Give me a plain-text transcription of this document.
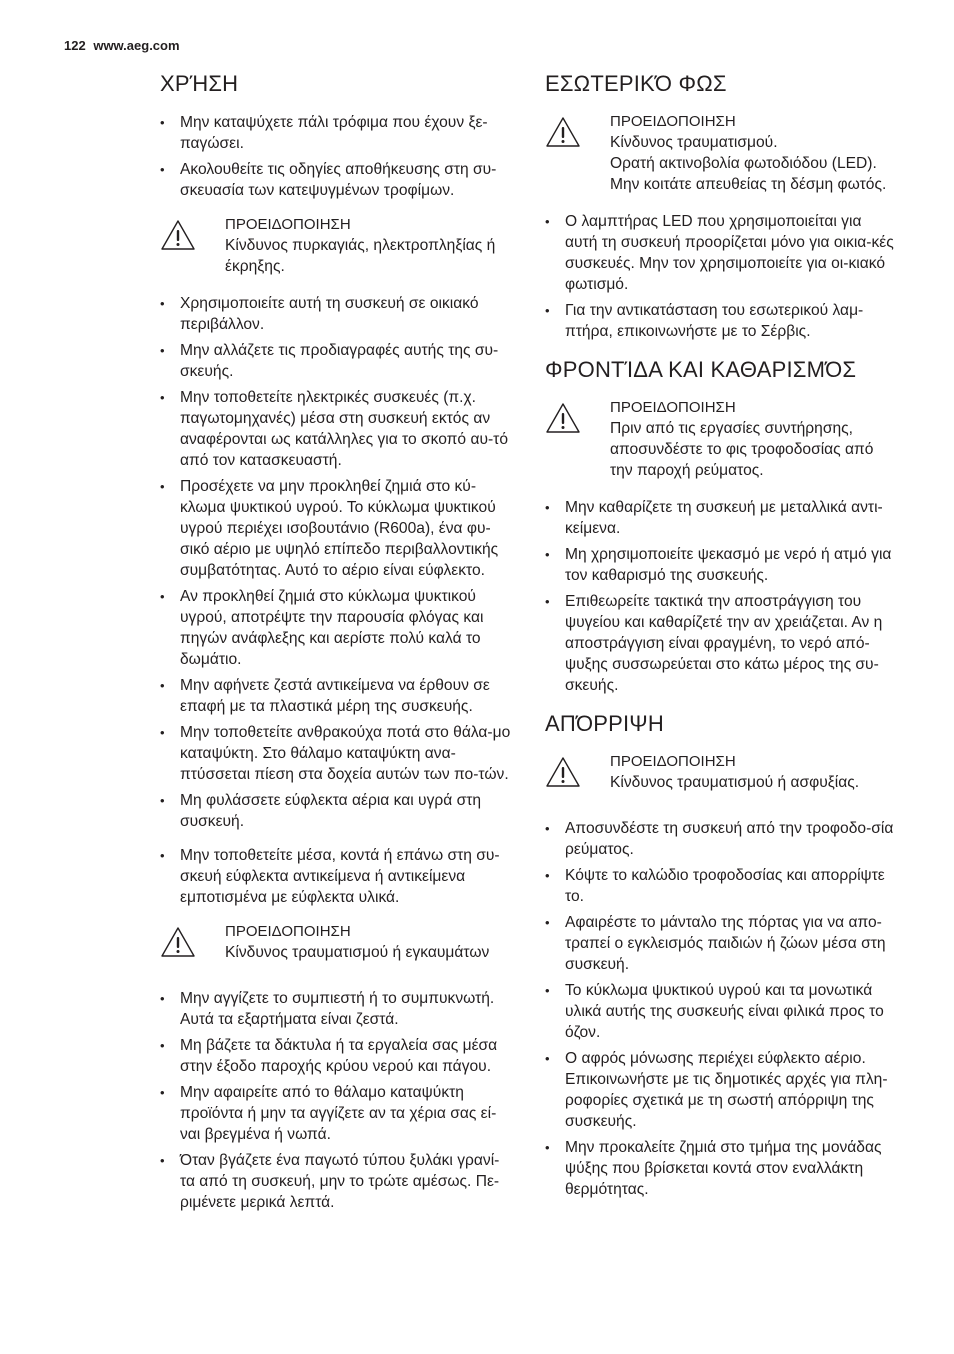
122 www.aeg.com
ΧΡΉΣΗ
• Μην καταψύχετε πάλι τρόφιμα που έχουν ξε-παγώσει.
• Ακολουθείτε τις οδηγίες αποθήκευσης στη συ-σκευασία των κατεψυγμένων τροφίμων.
ΠΡΟΕΙΔΟΠΟΙΗΣΗ
Κίνδυνος πυρκαγιάς, ηλεκτροπληξίας ή έκρηξης.
• Χρησιμοποιείτε αυτή τη συσκευή σε οικιακό περιβάλλον.
• Μην αλλάζετε τις προδιαγραφές αυτής της συ-σκευής.
• Μην τοποθετείτε ηλεκτρικές συσκευές (π.χ. παγωτομηχανές) μέσα στη συσκευή εκτός αν αναφέρονται ως κατάλληλες για το σκοπό αυ-τό από τον κατασκευαστή.
• Προσέχετε να μην προκληθεί ζημιά στο κύ-κλωμα ψυκτικού υγρού. Το κύκλωμα ψυκτικού υγρού περιέχει ισοβουτάνιο (R600a), ένα φυ-σικό αέριο με υψηλό επίπεδο περιβαλλοντικής συμβατότητας. Αυτό το αέριο είναι εύφλεκτο.
• Αν προκληθεί ζημιά στο κύκλωμα ψυκτικού υγρού, αποτρέψτε την παρουσία φλόγας και πηγών ανάφλεξης και αερίστε πολύ καλά το δωμάτιο.
• Μην αφήνετε ζεστά αντικείμενα να έρθουν σε επαφή με τα πλαστικά μέρη της συσκευής.
• Μην τοποθετείτε ανθρακούχα ποτά στο θάλα-μο καταψύκτη. Στο θάλαμο καταψύκτη ανα-πτύσσεται πίεση στα δοχεία αυτών των πο-τών.
• Μη φυλάσσετε εύφλεκτα αέρια και υγρά στη συσκευή.
• Μην τοποθετείτε μέσα, κοντά ή επάνω στη συ-σκευή εύφλεκτα αντικείμενα ή αντικείμενα εμποτισμένα με εύφλεκτα υλικά.
ΠΡΟΕΙΔΟΠΟΙΗΣΗ
Κίνδυνος τραυματισμού ή εγκαυμάτων
• Μην αγγίζετε το συμπιεστή ή το συμπυκνωτή. Αυτά τα εξαρτήματα είναι ζεστά.
• Μη βάζετε τα δάκτυλα ή τα εργαλεία σας μέσα στην έξοδο παροχής κρύου νερού και πάγου.
• Μην αφαιρείτε από το θάλαμο καταψύκτη προϊόντα ή μην τα αγγίζετε αν τα χέρια σας εί-ναι βρεγμένα ή νωπά.
• Όταν βγάζετε ένα παγωτό τύπου ξυλάκι γρανί-τα από τη συσκευή, μην το τρώτε αμέσως. Πε-ριμένετε μερικά λεπτά.
ΕΣΩΤΕΡΙΚΌ ΦΩΣ
ΠΡΟΕΙΔΟΠΟΙΗΣΗ
Κίνδυνος τραυματισμού.
Ορατή ακτινοβολία φωτοδιόδου (LED).
Μην κοιτάτε απευθείας τη δέσμη φωτός.
• Ο λαμπτήρας LED που χρησιμοποιείται για αυτή τη συσκευή προορίζεται μόνο για οικια-κές συσκευές. Μην τον χρησιμοποιείτε για οι-κιακό φωτισμό.
• Για την αντικατάσταση του εσωτερικού λαμ-πτήρα, επικοινωνήστε με το Σέρβις.
ΦΡΟΝΤΊΔΑ ΚΑΙ ΚΑΘΑΡΙΣΜΌΣ
ΠΡΟΕΙΔΟΠΟΙΗΣΗ
Πριν από τις εργασίες συντήρησης, αποσυνδέστε το φις τροφοδοσίας από την παροχή ρεύματος.
• Μην καθαρίζετε τη συσκευή με μεταλλικά αντι-κείμενα.
• Μη χρησιμοποιείτε ψεκασμό με νερό ή ατμό για τον καθαρισμό της συσκευής.
• Επιθεωρείτε τακτικά την αποστράγγιση του ψυγείου και καθαρίζετέ την αν χρειάζεται. Αν η αποστράγγιση είναι φραγμένη, το νερό από-ψυξης συσσωρεύεται στο κάτω μέρος της συ-σκευής.
ΑΠΌΡΡΙΨΗ
ΠΡΟΕΙΔΟΠΟΙΗΣΗ
Κίνδυνος τραυματισμού ή ασφυξίας.
• Αποσυνδέστε τη συσκευή από την τροφοδο-σία ρεύματος.
• Κόψτε το καλώδιο τροφοδοσίας και απορρίψτε το.
• Αφαιρέστε το μάνταλο της πόρτας για να απο-τραπεί ο εγκλεισμός παιδιών ή ζώων μέσα στη συσκευή.
• Το κύκλωμα ψυκτικού υγρού και τα μονωτικά υλικά αυτής της συσκευής είναι φιλικά προς το όζον.
• Ο αφρός μόνωσης περιέχει εύφλεκτο αέριο. Επικοινωνήστε με τις δημοτικές αρχές για πλη-ροφορίες σχετικά με τη σωστή απόρριψη της συσκευής.
• Μην προκαλείτε ζημιά στο τμήμα της μονάδας ψύξης που βρίσκεται κοντά στον εναλλάκτη θερμότητας.
